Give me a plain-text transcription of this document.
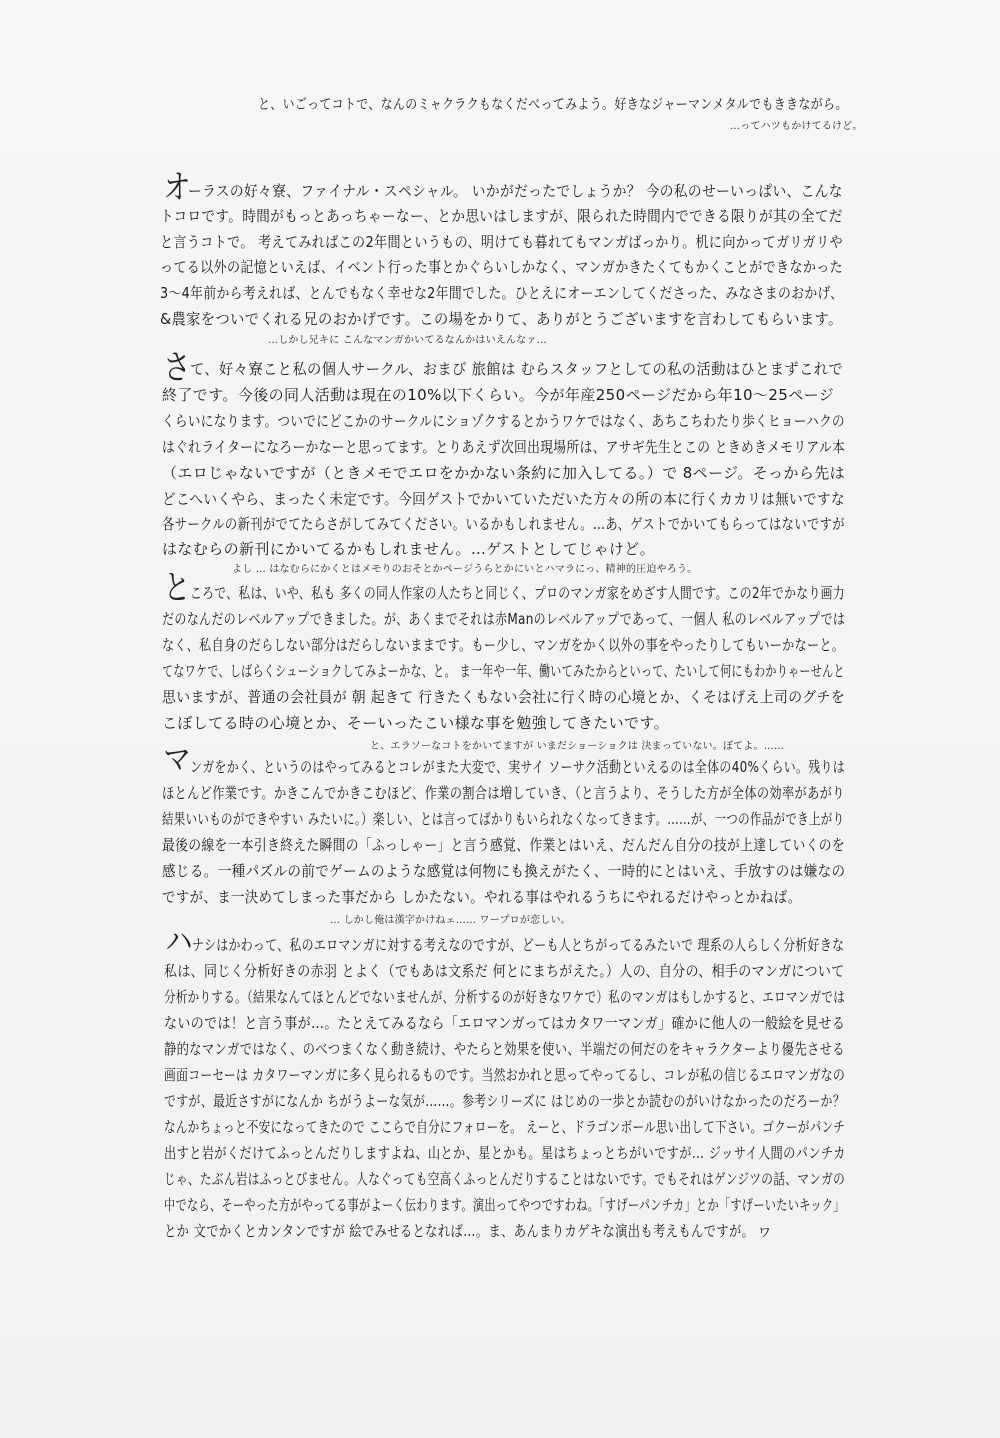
と、いごってコトで、なんのミャクラクもなくだべってみよう。好きなジャーマンメタルでもききながら。
…ってハツもかけてるけど。
オ
ーラスの好々寮、ファイナル・スペシャル。 いかがだったでしょうか？ 今の私のせーいっぱい、こんな
トコロです。時間がもっとあっちゃーなー、とか思いはしますが、限られた時間内でできる限りが其の全てだ
と言うコトで。 考えてみればこの2年間というもの、明けても暮れてもマンガばっかり。机に向かってガリガリや
ってる以外の記憶といえば、イベント行った事とかぐらいしかなく、マンガかきたくてもかくことができなかった
3〜4年前から考えれば、とんでもなく幸せな2年間でした。ひとえにオーエンしてくださった、みなさまのおかげ、
&農家をついでくれる兄のおかげです。この場をかりて、ありがとうございますを言わしてもらいます。
…しかし兄キに こんなマンガかいてるなんかはいえんなァ…
さ て、好々寮こと私の個人サークル、おまび 旅館は むらスタッフとしての私の活動はひとまずこれで
終了です。今後の同人活動は現在の10%以下くらい。今が年産250ページだから年10〜25ページ
くらいになります。ついでにどこかのサークルにショゾクするとかうワケではなく、あちこちわたり歩くヒョーハクの
はぐれライターになろーかなーと思ってます。とりあえず次回出現場所は、アサギ先生とこの ときめきメモリアル本
（エロじゃないですが（ときメモでエロをかかない条約に加入してる。）で 8ページ。そっから先は
どこへいくやら、まったく未定です。今回ゲストでかいていただいた方々の所の本に行くカカリは無いですな
各サークルの新刊がでてたらさがしてみてください。いるかもしれません。…あ、ゲストでかいてもらってはないですが
はなむらの新刊にかいてるかもしれません。…ゲストとしてじゃけど。
よし … はなむらにかくとはメモりのおそとかページうらとかにいとハマラにっ、精神的圧迫やろう。
と ころで、私は、いや、私も 多くの同人作家の人たちと同じく、プロのマンガ家をめざす人間です。この2年でかなり画力
だのなんだのレベルアップできました。が、あくまでそれは赤Manのレベルアップであって、一個人 私のレベルアップでは
なく、私自身のだらしない部分はだらしないままです。もー少し、マンガをかく以外の事をやったりしてもいーかなーと。
てなワケで、しばらくシューショクしてみよーかな、と。 ま一年や一年、働いてみたからといって、たいして何にもわかりゃーせんと
思いますが、普通の会社員が 朝 起きて 行きたくもない会社に行く時の心境とか、くそはげえ上司のグチを
こぼしてる時の心境とか、そーいったこい様な事を勉強してきたいです。
と、エラソーなコトをかいてますが いまだショーショクは 決まっていない。ぼてよ。……
マ ンガをかく、というのはやってみるとコレがまた大変で、実サイ ソーサク活動といえるのは全体の40%くらい。残りは
ほとんど作業です。かきこんでかきこむほど、作業の割合は増していき、（と言うより、そうした方が全体の効率があがり
結果いいものができやすい みたいに。）楽しい、とは言ってばかりもいられなくなってきます。……が、一つの作品ができ上がり
最後の線を一本引き終えた瞬間の「ふっしゃー」と言う感覚、作業とはいえ、だんだん自分の技が上達していくのを
感じる。一種パズルの前でゲームのような感覚は何物にも換えがたく、一時的にとはいえ、手放すのは嫌なの
ですが、ま一決めてしまった事だから しかたない。やれる事はやれるうちにやれるだけやっとかねば。
… しかし俺は漢字かけねェ…… ワープロが恋しい。
ハ ナシはかわって、私のエロマンガに対する考えなのですが、どーも人とちがってるみたいで 理系の人らしく分析好きな
私は、同じく分析好きの赤羽 とよく（でもあは文系だ 何とにまちがえた。）人の、自分の、相手のマンガについて
分析かりする。（結果なんてほとんどでないませんが、分析するのが好きなワケで）私のマンガはもしかすると、エロマンガでは
ないのでは！と言う事が…。たとえてみるなら「エロマンガってはカタワ一マンガ」確かに他人の一般絵を見せる
静的なマンガではなく、のべつまくなく動き続け、やたらと効果を使い、半端だの何だのをキャラクターより優先させる
画面コーセーは カタワーマンガに多く見られるものです。当然おかれと思ってやってるし、コレが私の信じるエロマンガなの
ですが、最近さすがになんか ちがうよーな気が……。参考シリーズに はじめの一歩とか読むのがいけなかったのだろーか？
なんかちょっと不安になってきたので ここらで自分にフォローを。 えーと、ドラゴンボール思い出して下さい。ゴクーがパンチ
出すと岩がくだけてふっとんだりしますよね、山とか、星とかも。星はちょっとちがいですが… ジッサイ人間のパンチカ
じゃ、たぶん岩はふっとびません。人なぐっても空高くふっとんだりすることはないです。でもそれはゲンジツの話、マンガの
中でなら、そーやった方がやってる事がよーく伝わります。演出ってやつですわね。「すげーパンチカ」とか「すげーいたいキック」
とか 文でかくとカンタンですが 絵でみせるとなれば…。ま、あんまりカゲキな演出も考えもんですが。 ワ
